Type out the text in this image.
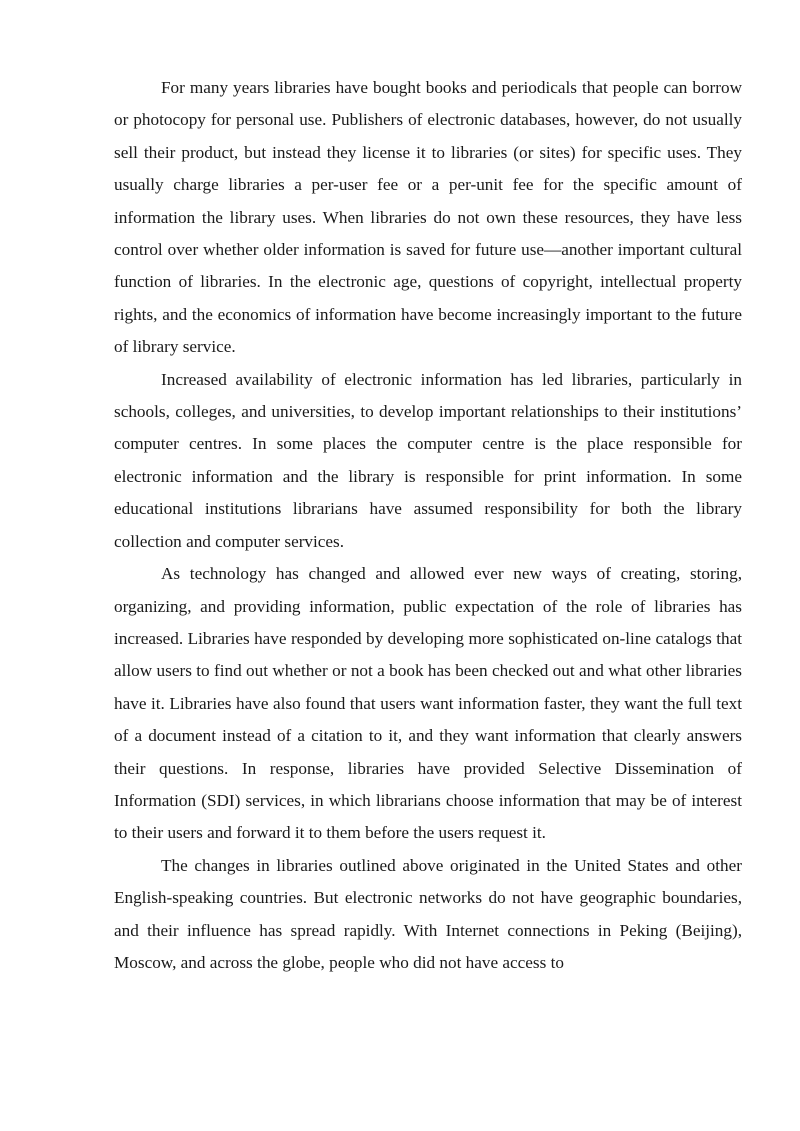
For many years libraries have bought books and periodicals that people can borrow or photocopy for personal use. Publishers of electronic databases, however, do not usually sell their product, but instead they license it to libraries (or sites) for specific uses. They usually charge libraries a per-user fee or a per-unit fee for the specific amount of information the library uses. When libraries do not own these resources, they have less control over whether older information is saved for future use—another important cultural function of libraries. In the electronic age, questions of copyright, intellectual property rights, and the economics of information have become increasingly important to the future of library service.

Increased availability of electronic information has led libraries, particularly in schools, colleges, and universities, to develop important relationships to their institutions’ computer centres. In some places the computer centre is the place responsible for electronic information and the library is responsible for print information. In some educational institutions librarians have assumed responsibility for both the library collection and computer services.

As technology has changed and allowed ever new ways of creating, storing, organizing, and providing information, public expectation of the role of libraries has increased. Libraries have responded by developing more sophisticated on-line catalogs that allow users to find out whether or not a book has been checked out and what other libraries have it. Libraries have also found that users want information faster, they want the full text of a document instead of a citation to it, and they want information that clearly answers their questions. In response, libraries have provided Selective Dissemination of Information (SDI) services, in which librarians choose information that may be of interest to their users and forward it to them before the users request it.

The changes in libraries outlined above originated in the United States and other English-speaking countries. But electronic networks do not have geographic boundaries, and their influence has spread rapidly. With Internet connections in Peking (Beijing), Moscow, and across the globe, people who did not have access to
